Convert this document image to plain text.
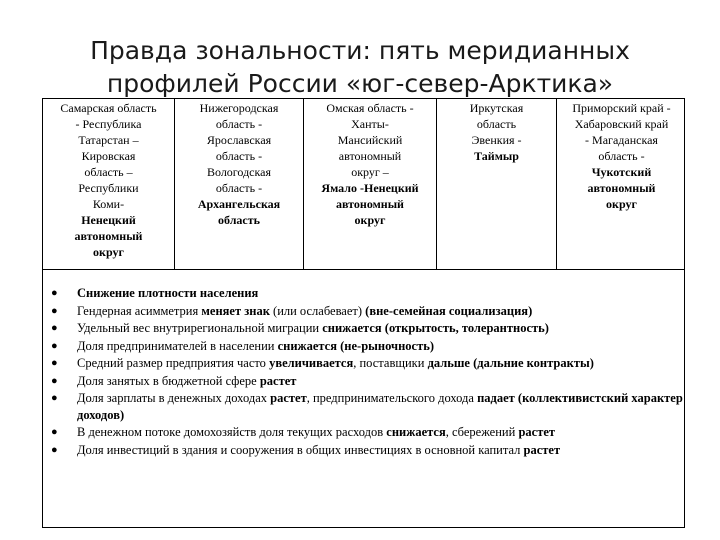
Правда зональности: пять меридианных
профилей России «юг-север-Арктика»
Самарская область
- Республика
Татарстан –
Кировская
область –
Республики
Коми-
Ненецкий
автономный
округ
Нижегородская
область -
Ярославская
область -
Вологодская
область -
Архангельская
область
Омская область -
Ханты-
Мансийский
автономный
округ –
Ямало -Ненецкий
автономный
округ
Иркутская
область
Эвенкия -
Таймыр
Приморский край -
Хабаровский край
- Магаданская
область -
Чукотский
автономный
округ
● Снижение плотности населения
● Гендерная асимметрия меняет знак (или ослабевает) (вне-семейная социализация)
● Удельный вес внутрирегиональной миграции снижается (открытость, толерантность)
● Доля предпринимателей в населении снижается (не-рыночность)
● Средний размер предприятия часто увеличивается, поставщики дальше (дальние контракты)
● Доля занятых в бюджетной сфере растет
● Доля зарплаты в денежных доходах растет, предпринимательского дохода падает (коллективистский характер доходов)
● В денежном потоке домохозяйств доля текущих расходов снижается, сбережений растет
● Доля инвестиций в здания и сооружения в общих инвестициях в основной капитал растет
